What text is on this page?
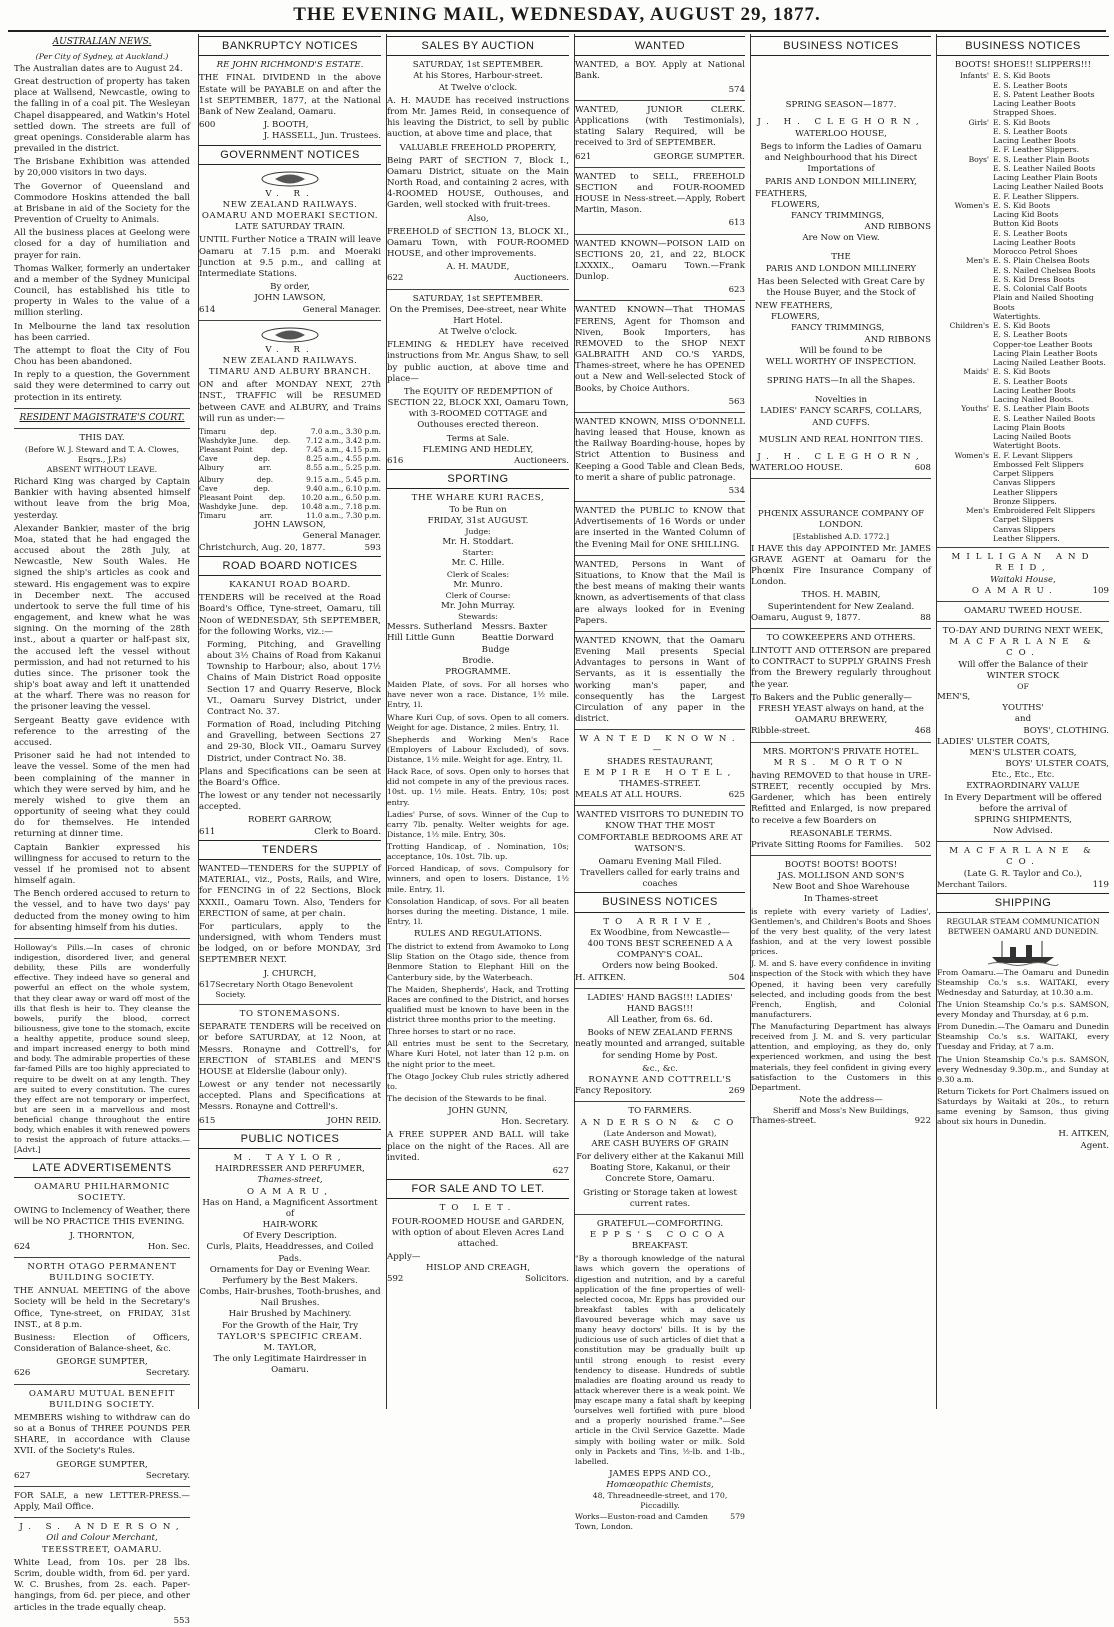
THE EVENING MAIL, WEDNESDAY, AUGUST 29, 1877.
AUSTRALIAN NEWS.
(Per City of Sydney, at Auckland.)

The Australian dates are to August 24.

Great destruction of property has taken place at Wallsend, Newcastle, owing to the falling in of a coal pit. The Wesleyan Chapel disappeared, and Watkin's Hotel settled down. The streets are full of great openings. Considerable alarm has prevailed in the district.

The Brisbane Exhibition was attended by 20,000 visitors in two days.

The Governor of Queensland and Commodore Hoskins attended the ball at Brisbane in aid of the Society for the Prevention of Cruelty to Animals.

All the business places at Geelong were closed for a day of humiliation and prayer for rain.

Thomas Walker, formerly an undertaker and a member of the Sydney Municipal Council, has established his title to property in Wales to the value of a million sterling.

In Melbourne the land tax resolution has been carried.

The attempt to float the City of Fou Chou has been abandoned.

In reply to a question, the Government said they were determined to carry out protection in its entirety.

RESIDENT MAGISTRATE'S COURT.
THIS DAY.
(Before W. J. Steward and T. A. Clowes, Esqrs., J.P.s)
ABSENT WITHOUT LEAVE.

Richard King was charged by Captain Bankier with having absented himself without leave from the brig Moa, yesterday.

Alexander Bankier, master of the brig Moa, stated that he had engaged the accused about the 28th July, at Newcastle, New South Wales. He signed the ship's articles as cook and steward. His engagement was to expire in December next. The accused undertook to serve the full time of his engagement, and knew what he was signing. On the morning of the 28th inst., about a quarter or half-past six, the accused left the vessel without permission, and had not returned to his duties since. The prisoner took the ship's boat away and left it unattended at the wharf. There was no reason for the prisoner leaving the vessel.

Sergeant Beatty gave evidence with reference to the arresting of the accused.

Prisoner said he had not intended to leave the vessel. Some of the men had been complaining of the manner in which they were served by him, and he merely wished to give them an opportunity of seeing what they could do for themselves. He intended returning at dinner time.

Captain Bankier expressed his willingness for accused to return to the vessel if he promised not to absent himself again.

The Bench ordered accused to return to the vessel, and to have two days' pay deducted from the money owing to him for absenting himself from his duties.

Holloway's Pills.—In cases of chronic indigestion, disordered liver, and general debility, these Pills are wonderfully effective. They indeed have so general and powerful an effect on the whole system, that they clear away or ward off most of the ills that flesh is heir to. They cleanse the bowels, purify the blood, correct biliousness, give tone to the stomach, excite a healthy appetite, produce sound sleep, and impart increased energy to both mind and body. The admirable properties of these far-famed Pills are too highly appreciated to require to be dwelt on at any length. They are suited to every constitution. The cures they effect are not temporary or imperfect, but are seen in a marvellous and most beneficial change throughout the entire body, which enables it with renewed powers to resist the approach of future attacks.—[Advt.]

LATE ADVERTISEMENTS
OAMARU PHILHARMONIC SOCIETY.

OWING to Inclemency of Weather, there will be NO PRACTICE THIS EVENING.

J. THORNTON,
624	Hon. Sec.
NORTH OTAGO PERMANENT BUILDING SOCIETY.

THE ANNUAL MEETING of the above Society will be held in the Secretary's Office, Tyne-street, on FRIDAY, 31st INST., at 8 p.m.

Business: Election of Officers, Consideration of Balance-sheet, &c.

GEORGE SUMPTER,
626	Secretary.
OAMARU MUTUAL BENEFIT BUILDING SOCIETY.

MEMBERS wishing to withdraw can do so at a Bonus of THREE POUNDS PER SHARE, in accordance with Clause XVII. of the Society's Rules.

GEORGE SUMPTER,
627	Secretary.

FOR SALE, a new LETTER-PRESS.—Apply, Mail Office.

J. S. ANDERSON,
Oil and Colour Merchant,
TEESSTREET, OAMARU.

White Lead, from 10s. per 28 lbs. Scrim, double width, from 6d. per yard. W. C. Brushes, from 2s. each. Paper-hangings, from 6d. per piece, and other articles in the trade equally cheap.

553
BANKRUPTCY NOTICES
RE JOHN RICHMOND'S ESTATE.

THE FINAL DIVIDEND in the above Estate will be PAYABLE on and after the 1st SEPTEMBER, 1877, at the National Bank of New Zealand, Oamaru.

600	J. BOOTH,
J. HASSELL, Jun. Trustees.
GOVERNMENT NOTICES
V. R.
NEW ZEALAND RAILWAYS.
OAMARU AND MOERAKI SECTION.
LATE SATURDAY TRAIN.

UNTIL Further Notice a TRAIN will leave Oamaru at 7.15 p.m. and Moeraki Junction at 9.5 p.m., and calling at Intermediate Stations.

By order,
JOHN LAWSON,
614	General Manager.
V. R.
NEW ZEALAND RAILWAYS.
TIMARU AND ALBURY BRANCH.

ON and after MONDAY NEXT, 27th INST., TRAFFIC will be RESUMED between CAVE and ALBURY, and Trains will run as under:—

Timaru	dep.	7.0 a.m., 3.30 p.m.
Washdyke June. dep. 7.12 a.m., 3.42 p.m.
Pleasant Point	dep.	7.45 a.m., 4.15 p.m.
Cave	dep.	8.25 a.m., 4.55 p.m.
Albury	arr.	8.55 a.m., 5.25 p.m.
Albury	dep.	9.15 a.m., 5.45 p.m.
Cave	dep.	9.40 a.m., 6.10 p.m.
Pleasant Point dep. 10.20 a.m., 6.50 p.m.
Washdyke June. dep. 10.48 a.m., 7.18 p.m.
Timaru	arr.	11.0 a.m., 7.30 p.m.
JOHN LAWSON,
General Manager.
Christchurch, Aug. 20, 1877.	593
ROAD BOARD NOTICES
KAKANUI ROAD BOARD.

TENDERS will be received at the Road Board's Office, Tyne-street, Oamaru, till Noon of WEDNESDAY, 5th SEPTEMBER, for the following Works, viz.:—

Forming, Pitching, and Gravelling about 3½ Chains of Road from Kakanui Township to Harbour; also, about 17½ Chains of Main District Road opposite Section 17 and Quarry Reserve, Block VI., Oamaru Survey District, under Contract No. 37.

Formation of Road, including Pitching and Gravelling, between Sections 27 and 29-30, Block VII., Oamaru Survey District, under Contract No. 38.

Plans and Specifications can be seen at the Board's Office.

The lowest or any tender not necessarily accepted.

ROBERT GARROW,
611	Clerk to Board.
TENDERS

WANTED—TENDERS for the SUPPLY of MATERIAL, viz., Posts, Rails, and Wire, for FENCING in of 22 Sections, Block XXXII., Oamaru Town. Also, Tenders for ERECTION of same, at per chain.

For particulars, apply to the undersigned, with whom Tenders must be lodged, on or before MONDAY, 3rd SEPTEMBER NEXT.

J. CHURCH,
617 Secretary North Otago Benevolent Society.
TO STONEMASONS.

SEPARATE TENDERS will be received on or before SATURDAY, at 12 Noon, at Messrs. Ronayne and Cottrell's, for ERECTION of STABLES and MEN'S HOUSE at Elderslie (labour only).

Lowest or any tender not necessarily accepted. Plans and Specifications at Messrs. Ronayne and Cottrell's.

615	JOHN REID.
PUBLIC NOTICES
M. TAYLOR,
HAIRDRESSER AND PERFUMER,
Thames-street,
OAMARU,
Has on Hand, a Magnificent Assortment of
HAIR-WORK
Of Every Description.
Curls, Plaits, Headdresses, and Coiled Pads.
Ornaments for Day or Evening Wear.
Perfumery by the Best Makers.
Combs, Hair-brushes, Tooth-brushes, and Nail Brushes.
Hair Brushed by Machinery.
For the Growth of the Hair, Try
TAYLOR'S SPECIFIC CREAM.
M. TAYLOR,
The only Legitimate Hairdresser in Oamaru.
SALES BY AUCTION
SATURDAY, 1st SEPTEMBER.
At his Stores, Harbour-street.
At Twelve o'clock.

A. H. MAUDE has received instructions from Mr. James Reid, in consequence of his leaving the District, to sell by public auction, at above time and place, that

VALUABLE FREEHOLD PROPERTY,

Being PART of SECTION 7, Block I., Oamaru District, situate on the Main North Road, and containing 2 acres, with 4-ROOMED HOUSE, Outhouses, and Garden, well stocked with fruit-trees.

Also,

FREEHOLD of SECTION 13, BLOCK XI., Oamaru Town, with FOUR-ROOMED HOUSE, and other improvements.

A. H. MAUDE,
622	Auctioneers.
SATURDAY, 1st SEPTEMBER.
On the Premises, Dee-street, near White Hart Hotel.
At Twelve o'clock.

FLEMING & HEDLEY have received instructions from Mr. Angus Shaw, to sell by public auction, at above time and place—

The EQUITY OF REDEMPTION of SECTION 22, BLOCK XXI, Oamaru Town, with 3-ROOMED COTTAGE and Outhouses erected thereon.

Terms at Sale.
FLEMING AND HEDLEY,
616	Auctioneers.
SPORTING
THE WHARE KURI RACES,
To be Run on
FRIDAY, 31st AUGUST.
Judge:
Mr. H. Stoddart.
Starter:
Mr. C. Hille.
Clerk of Scales:
Mr. Munro.
Clerk of Course:
Mr. John Murray.
Stewards:
Messrs. Sutherland Hill Little Gunn
Messrs. Baxter Beattie Dorward Budge
Brodie.
PROGRAMME.

Maiden Plate, of sovs. For all horses who have never won a race. Distance, 1½ mile. Entry, 1l.

Whare Kuri Cup, of sovs. Open to all comers. Weight for age. Distance, 2 miles. Entry, 1l.

Shepherds and Working Men's Race (Employers of Labour Excluded), of sovs. Distance, 1½ mile. Weight for age. Entry, 1l.

Hack Race, of sovs. Open only to horses that did not compete in any of the previous races. 10st. up. 1½ mile. Heats. Entry, 10s; post entry.

Ladies' Purse, of sovs. Winner of the Cup to carry 7lb. penalty. Welter weights for age. Distance, 1½ mile. Entry, 30s.

Trotting Handicap, of . Nomination, 10s; acceptance, 10s. 10st. 7lb. up.

Forced Handicap, of sovs. Compulsory for winners, and open to losers. Distance, 1½ mile. Entry, 1l.

Consolation Handicap, of sovs. For all beaten horses during the meeting. Distance, 1 mile. Entry, 1l.

RULES AND REGULATIONS.

The district to extend from Awamoko to Long Slip Station on the Otago side, thence from Benmore Station to Elephant Hill on the Canterbury side, by the Waterbeach.

The Maiden, Shepherds', Hack, and Trotting Races are confined to the District, and horses qualified must be known to have been in the district three months prior to the meeting.

Three horses to start or no race.

All entries must be sent to the Secretary, Whare Kuri Hotel, not later than 12 p.m. on the night prior to the meet.

The Otago Jockey Club rules strictly adhered to.

The decision of the Stewards to be final.

JOHN GUNN,
Hon. Secretary.

A FREE SUPPER AND BALL will take place on the night of the Races. All are invited.

627
FOR SALE AND TO LET.
TO LET.

FOUR-ROOMED HOUSE and GARDEN, with option of about Eleven Acres Land attached.

Apply—
HISLOP AND CREAGH,
592	Solicitors.
WANTED

WANTED, a BOY. Apply at National Bank.

574

WANTED, JUNIOR CLERK. Applications (with Testimonials), stating Salary Required, will be received to 3rd of SEPTEMBER.

621	GEORGE SUMPTER.

WANTED to SELL, FREEHOLD SECTION and FOUR-ROOMED HOUSE in Ness-street.—Apply, Robert Martin, Mason.

613

WANTED KNOWN—POISON LAID on SECTIONS 20, 21, and 22, BLOCK LXXXIX., Oamaru Town.—Frank Dunlop.

623

WANTED KNOWN—That THOMAS FERENS, Agent for Thomson and Niven, Book Importers, has REMOVED to the SHOP NEXT GALBRAITH AND CO.'S YARDS, Thames-street, where he has OPENED out a New and Well-selected Stock of Books, by Choice Authors.

563

WANTED KNOWN, MISS O'DONNELL having leased that House, known as the Railway Boarding-house, hopes by Strict Attention to Business and Keeping a Good Table and Clean Beds, to merit a share of public patronage.

534

WANTED the PUBLIC to KNOW that Advertisements of 16 Words or under are inserted in the Wanted Column of the Evening Mail for ONE SHILLING.

WANTED, Persons in Want of Situations, to Know that the Mail is the best means of making their wants known, as advertisements of that class are always looked for in Evening Papers.

WANTED KNOWN, that the Oamaru Evening Mail presents Special Advantages to persons in Want of Servants, as it is essentially the working man's paper, and consequently has the Largest Circulation of any paper in the district.

WANTED KNOWN.—
SHADES RESTAURANT,
EMPIRE HOTEL,
THAMES-STREET.
MEALS AT ALL HOURS.	625

WANTED VISITORS TO DUNEDIN TO KNOW THAT THE MOST COMFORTABLE BEDROOMS ARE AT WATSON'S.

Oamaru Evening Mail Filed.
Travellers called for early trains and coaches
BUSINESS NOTICES
TO ARRIVE,
Ex Woodbine, from Newcastle—
400 TONS BEST SCREENED A A COMPANY'S COAL.
Orders now being Booked.
H. AITKEN.	504
LADIES' HAND BAGS!!! LADIES' HAND BAGS!!!
All Leather, from 6s. 6d.

Books of NEW ZEALAND FERNS neatly mounted and arranged, suitable for sending Home by Post.

&c., &c.
RONAYNE AND COTTRELL'S
Fancy Repository.	269
TO FARMERS.
ANDERSON & CO
(Late Anderson and Mowat),
ARE CASH BUYERS OF GRAIN

For delivery either at the Kakanui Mill Boating Store, Kakanui, or their Concrete Store, Oamaru.

Gristing or Storage taken at lowest current rates.

GRATEFUL—COMFORTING.
EPPS'S COCOA
BREAKFAST.

"By a thorough knowledge of the natural laws which govern the operations of digestion and nutrition, and by a careful application of the fine properties of well-selected cocoa, Mr. Epps has provided our breakfast tables with a delicately flavoured beverage which may save us many heavy doctors' bills. It is by the judicious use of such articles of diet that a constitution may be gradually built up until strong enough to resist every tendency to disease. Hundreds of subtle maladies are floating around us ready to attack wherever there is a weak point. We may escape many a fatal shaft by keeping ourselves well fortified with pure blood and a properly nourished frame."—See article in the Civil Service Gazette. Made simply with boiling water or milk. Sold only in Packets and Tins, ½-lb. and 1-lb., labelled.

JAMES EPPS AND CO.,
Homœopathic Chemists,
48, Threadneedle-street, and 170, Piccadilly.
Works—Euston-road and Camden Town, London.
579
BUSINESS NOTICES
SPRING SEASON—1877.
J. H. CLEGHORN,
WATERLOO HOUSE,

Begs to inform the Ladies of Oamaru and Neighbourhood that his Direct Importations of

PARIS AND LONDON MILLINERY,
FEATHERS,
FLOWERS,
FANCY TRIMMINGS,
AND RIBBONS
Are Now on View.
THE
PARIS AND LONDON MILLINERY

Has been Selected with Great Care by the House Buyer, and the Stock of

NEW FEATHERS,
FLOWERS,
FANCY TRIMMINGS,
AND RIBBONS
Will be found to be
WELL WORTHY OF INSPECTION.
SPRING HATS—In all the Shapes.
Novelties in
LADIES' FANCY SCARFS, COLLARS, AND CUFFS.
MUSLIN AND REAL HONITON TIES.
J. H. CLEGHORN,
WATERLOO HOUSE.	608
PHŒNIX ASSURANCE COMPANY OF LONDON.
[Established A.D. 1772.]

I HAVE this day APPOINTED Mr. JAMES GRAVE AGENT at Oamaru for the Phœnix Fire Insurance Company of London.

THOS. H. MABIN,
Superintendent for New Zealand.
Oamaru, August 9, 1877.	88
TO COWKEEPERS AND OTHERS.

LINTOTT AND OTTERSON are prepared to CONTRACT to SUPPLY GRAINS Fresh from the Brewery regularly throughout the year.

To Bakers and the Public generally—
FRESH YEAST always on hand, at the
OAMARU BREWERY,
Ribble-street.	468
MRS. MORTON'S PRIVATE HOTEL.
MRS. MORTON

having REMOVED to that house in URE-STREET, recently occupied by Mrs. Gardener, which has been entirely Refitted and Enlarged, is now prepared to receive a few Boarders on

REASONABLE TERMS.
Private Sitting Rooms for Families. 502
BOOTS! BOOTS! BOOTS!
JAS. MOLLISON AND SON'S
New Boot and Shoe Warehouse
In Thames-street

is replete with every variety of Ladies', Gentlemen's, and Children's Boots and Shoes of the very best quality, of the very latest fashion, and at the very lowest possible prices.

J. M. and S. have every confidence in inviting inspection of the Stock with which they have Opened, it having been very carefully selected, and including goods from the best French, English, and Colonial manufacturers.

The Manufacturing Department has always received from J. M. and S. very particular attention, and employing, as they do, only experienced workmen, and using the best materials, they feel confident in giving every satisfaction to the Customers in this Department.

Note the address—
Sheriff and Moss's New Buildings,
Thames-street.	922
BUSINESS NOTICES
BOOTS! SHOES!! SLIPPERS!!!
Infants' E. S. Kid Boots
E. S. Leather Boots
E. S. Patent Leather Boots
Lacing Leather Boots
Strapped Shoes.
Girls' E. S. Kid Boots
E. S. Leather Boots
Lacing Leather Boots
E. F. Leather Slippers.
Boys' E. S. Leather Plain Boots
E. S. Leather Nailed Boots
Lacing Leather Plain Boots
Lacing Leather Nailed Boots
E. F. Leather Slippers.
Women's E. S. Kid Boots
Lacing Kid Boots
Button Kid Boots
E. S. Leather Boots
Lacing Leather Boots
Morocco Petrol Shoes
Men's E. S. Plain Chelsea Boots
E. S. Nailed Chelsea Boots
E. S. Kid Dress Boots
E. S. Colonial Calf Boots
Plain and Nailed Shooting Boots
Watertights.
Children's E. S. Kid Boots
E. S. Leather Boots
Copper-toe Leather Boots
Lacing Plain Leather Boots
Lacing Nailed Leather Boots.
Maids' E. S. Kid Boots
E. S. Leather Boots
Lacing Leather Boots
Lacing Nailed Boots.
Youths' E. S. Leather Plain Boots
E. S. Leather Nailed Boots
Lacing Plain Boots
Lacing Nailed Boots
Watertight Boots.
Women's E. F. Levant Slippers
Embossed Felt Slippers
Carpet Slippers
Canvas Slippers
Leather Slippers
Bronze Slippers.
Men's Embroidered Felt Slippers
Carpet Slippers
Canvas Slippers
Leather Slippers.
MILLIGAN AND REID,
Waitaki House,
OAMARU.	109
OAMARU TWEED HOUSE.
TO-DAY AND DURING NEXT WEEK,
MACFARLANE & CO.
Will offer the Balance of their
WINTER STOCK
OF
MEN'S,
YOUTHS'
and
BOYS', CLOTHING.
LADIES' ULSTER COATS,
MEN'S ULSTER COATS,
BOYS' ULSTER COATS,
Etc., Etc., Etc.
EXTRAORDINARY VALUE
In Every Department will be offered before the arrival of
SPRING SHIPMENTS,
Now Advised.
MACFARLANE & CO.
(Late G. R. Taylor and Co.),
Merchant Tailors.	119
SHIPPING
REGULAR STEAM COMMUNICATION BETWEEN OAMARU AND DUNEDIN.

From Oamaru.—The Oamaru and Dunedin Steamship Co.'s s.s. WAITAKI, every Wednesday and Saturday, at 10.30 a.m.

The Union Steamship Co.'s p.s. SAMSON, every Monday and Thursday, at 6 p.m.

From Dunedin.—The Oamaru and Dunedin Steamship Co.'s s.s. WAITAKI, every Tuesday and Friday, at 7 a.m.

The Union Steamship Co.'s p.s. SAMSON, every Wednesday 9.30p.m., and Sunday at 9.30 a.m.

Return Tickets for Port Chalmers issued on Saturdays by Waitaki at 20s., to return same evening by Samson, thus giving about six hours in Dunedin.

H. AITKEN,
Agent.
